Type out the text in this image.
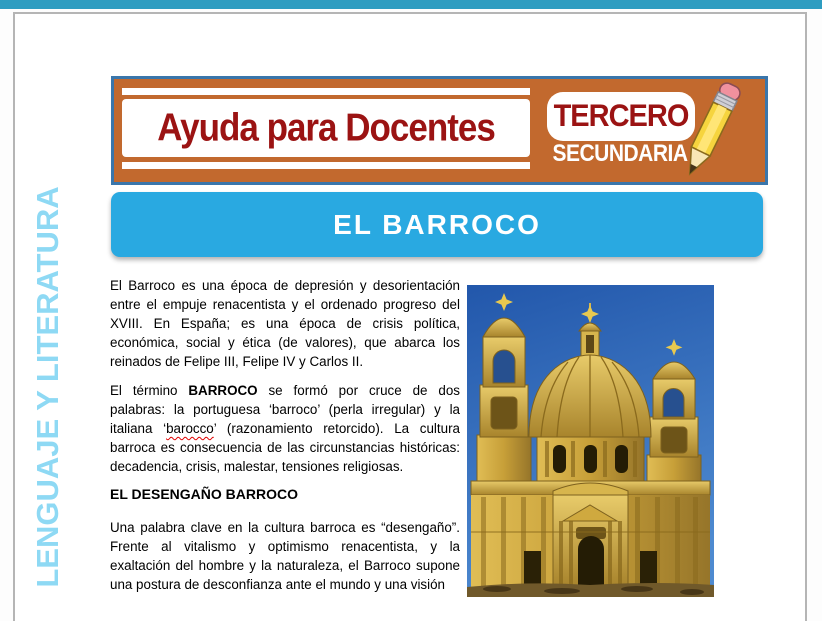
LENGUAJE Y LITERATURA
Ayuda para Docentes TERCERO
SECUNDARIA
EL BARROCO

El Barroco es una época de depresión y desorientación entre el empuje renacentista y el ordenado progreso del XVIII. En España; es una época de crisis política, económica, social y ética (de valores), que abarca los reinados de Felipe III, Felipe IV y Carlos II.

El término BARROCO se formó por cruce de dos palabras: la portuguesa ‘barroco’ (perla irregular) y la italiana ‘barocco’ (razonamiento retorcido). La cultura barroca es consecuencia de las circunstancias históricas: decadencia, crisis, malestar, tensiones religiosas.

EL DESENGAÑO BARROCO

Una palabra clave en la cultura barroca es “desengaño”. Frente al vitalismo y optimismo renacentista, y la exaltación del hombre y la naturaleza, el Barroco supone una postura de desconfianza ante el mundo y una visión
